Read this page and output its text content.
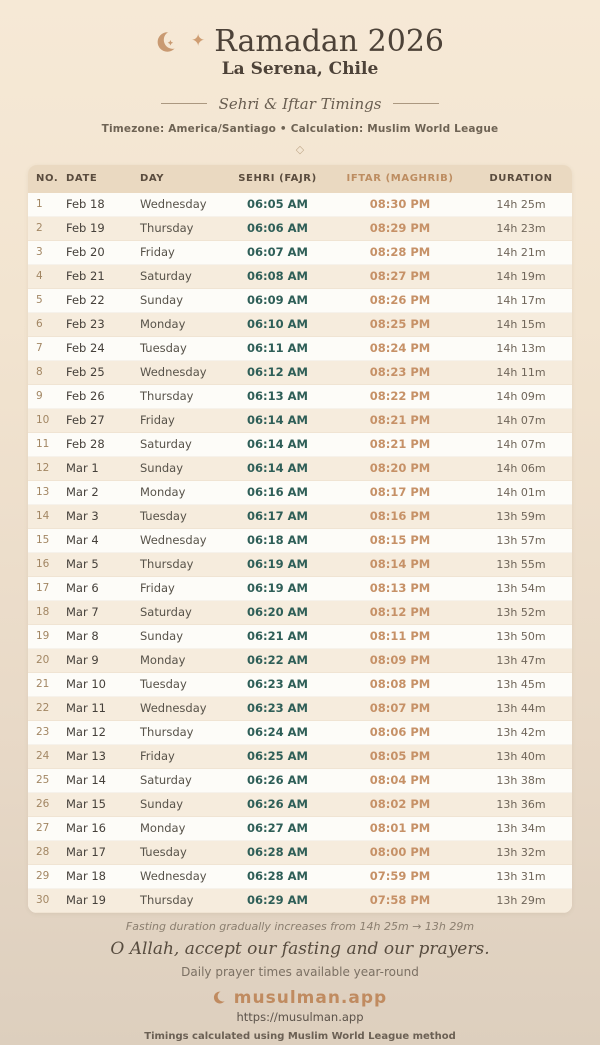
✦ Ramadan 2026
La Serena, Chile
Sehri & Iftar Timings
Timezone: America/Santiago • Calculation: Muslim World League
◇
NO. DATE	DAY	SEHRI (FAJR)	IFTAR (MAGHRIB)	DURATION
1	Feb 18	Wednesday	06:05 AM	08:30 PM	14h 25m
2	Feb 19	Thursday	06:06 AM	08:29 PM	14h 23m
3	Feb 20	Friday	06:07 AM	08:28 PM	14h 21m
4	Feb 21	Saturday	06:08 AM	08:27 PM	14h 19m
5	Feb 22	Sunday	06:09 AM	08:26 PM	14h 17m
6	Feb 23	Monday	06:10 AM	08:25 PM	14h 15m
7	Feb 24	Tuesday	06:11 AM	08:24 PM	14h 13m
8	Feb 25	Wednesday	06:12 AM	08:23 PM	14h 11m
9	Feb 26	Thursday	06:13 AM	08:22 PM	14h 09m
10	Feb 27	Friday	06:14 AM	08:21 PM	14h 07m
11	Feb 28	Saturday	06:14 AM	08:21 PM	14h 07m
12	Mar 1	Sunday	06:14 AM	08:20 PM	14h 06m
13	Mar 2	Monday	06:16 AM	08:17 PM	14h 01m
14	Mar 3	Tuesday	06:17 AM	08:16 PM	13h 59m
15	Mar 4	Wednesday	06:18 AM	08:15 PM	13h 57m
16	Mar 5	Thursday	06:19 AM	08:14 PM	13h 55m
17	Mar 6	Friday	06:19 AM	08:13 PM	13h 54m
18	Mar 7	Saturday	06:20 AM	08:12 PM	13h 52m
19	Mar 8	Sunday	06:21 AM	08:11 PM	13h 50m
20	Mar 9	Monday	06:22 AM	08:09 PM	13h 47m
21	Mar 10	Tuesday	06:23 AM	08:08 PM	13h 45m
22	Mar 11	Wednesday	06:23 AM	08:07 PM	13h 44m
23	Mar 12	Thursday	06:24 AM	08:06 PM	13h 42m
24	Mar 13	Friday	06:25 AM	08:05 PM	13h 40m
25	Mar 14	Saturday	06:26 AM	08:04 PM	13h 38m
26	Mar 15	Sunday	06:26 AM	08:02 PM	13h 36m
27	Mar 16	Monday	06:27 AM	08:01 PM	13h 34m
28	Mar 17	Tuesday	06:28 AM	08:00 PM	13h 32m
29	Mar 18	Wednesday	06:28 AM	07:59 PM	13h 31m
30	Mar 19	Thursday	06:29 AM	07:58 PM	13h 29m
Fasting duration gradually increases from 14h 25m → 13h 29m
O Allah, accept our fasting and our prayers.
Daily prayer times available year-round
musulman.app
https://musulman.app
Timings calculated using Muslim World League method
